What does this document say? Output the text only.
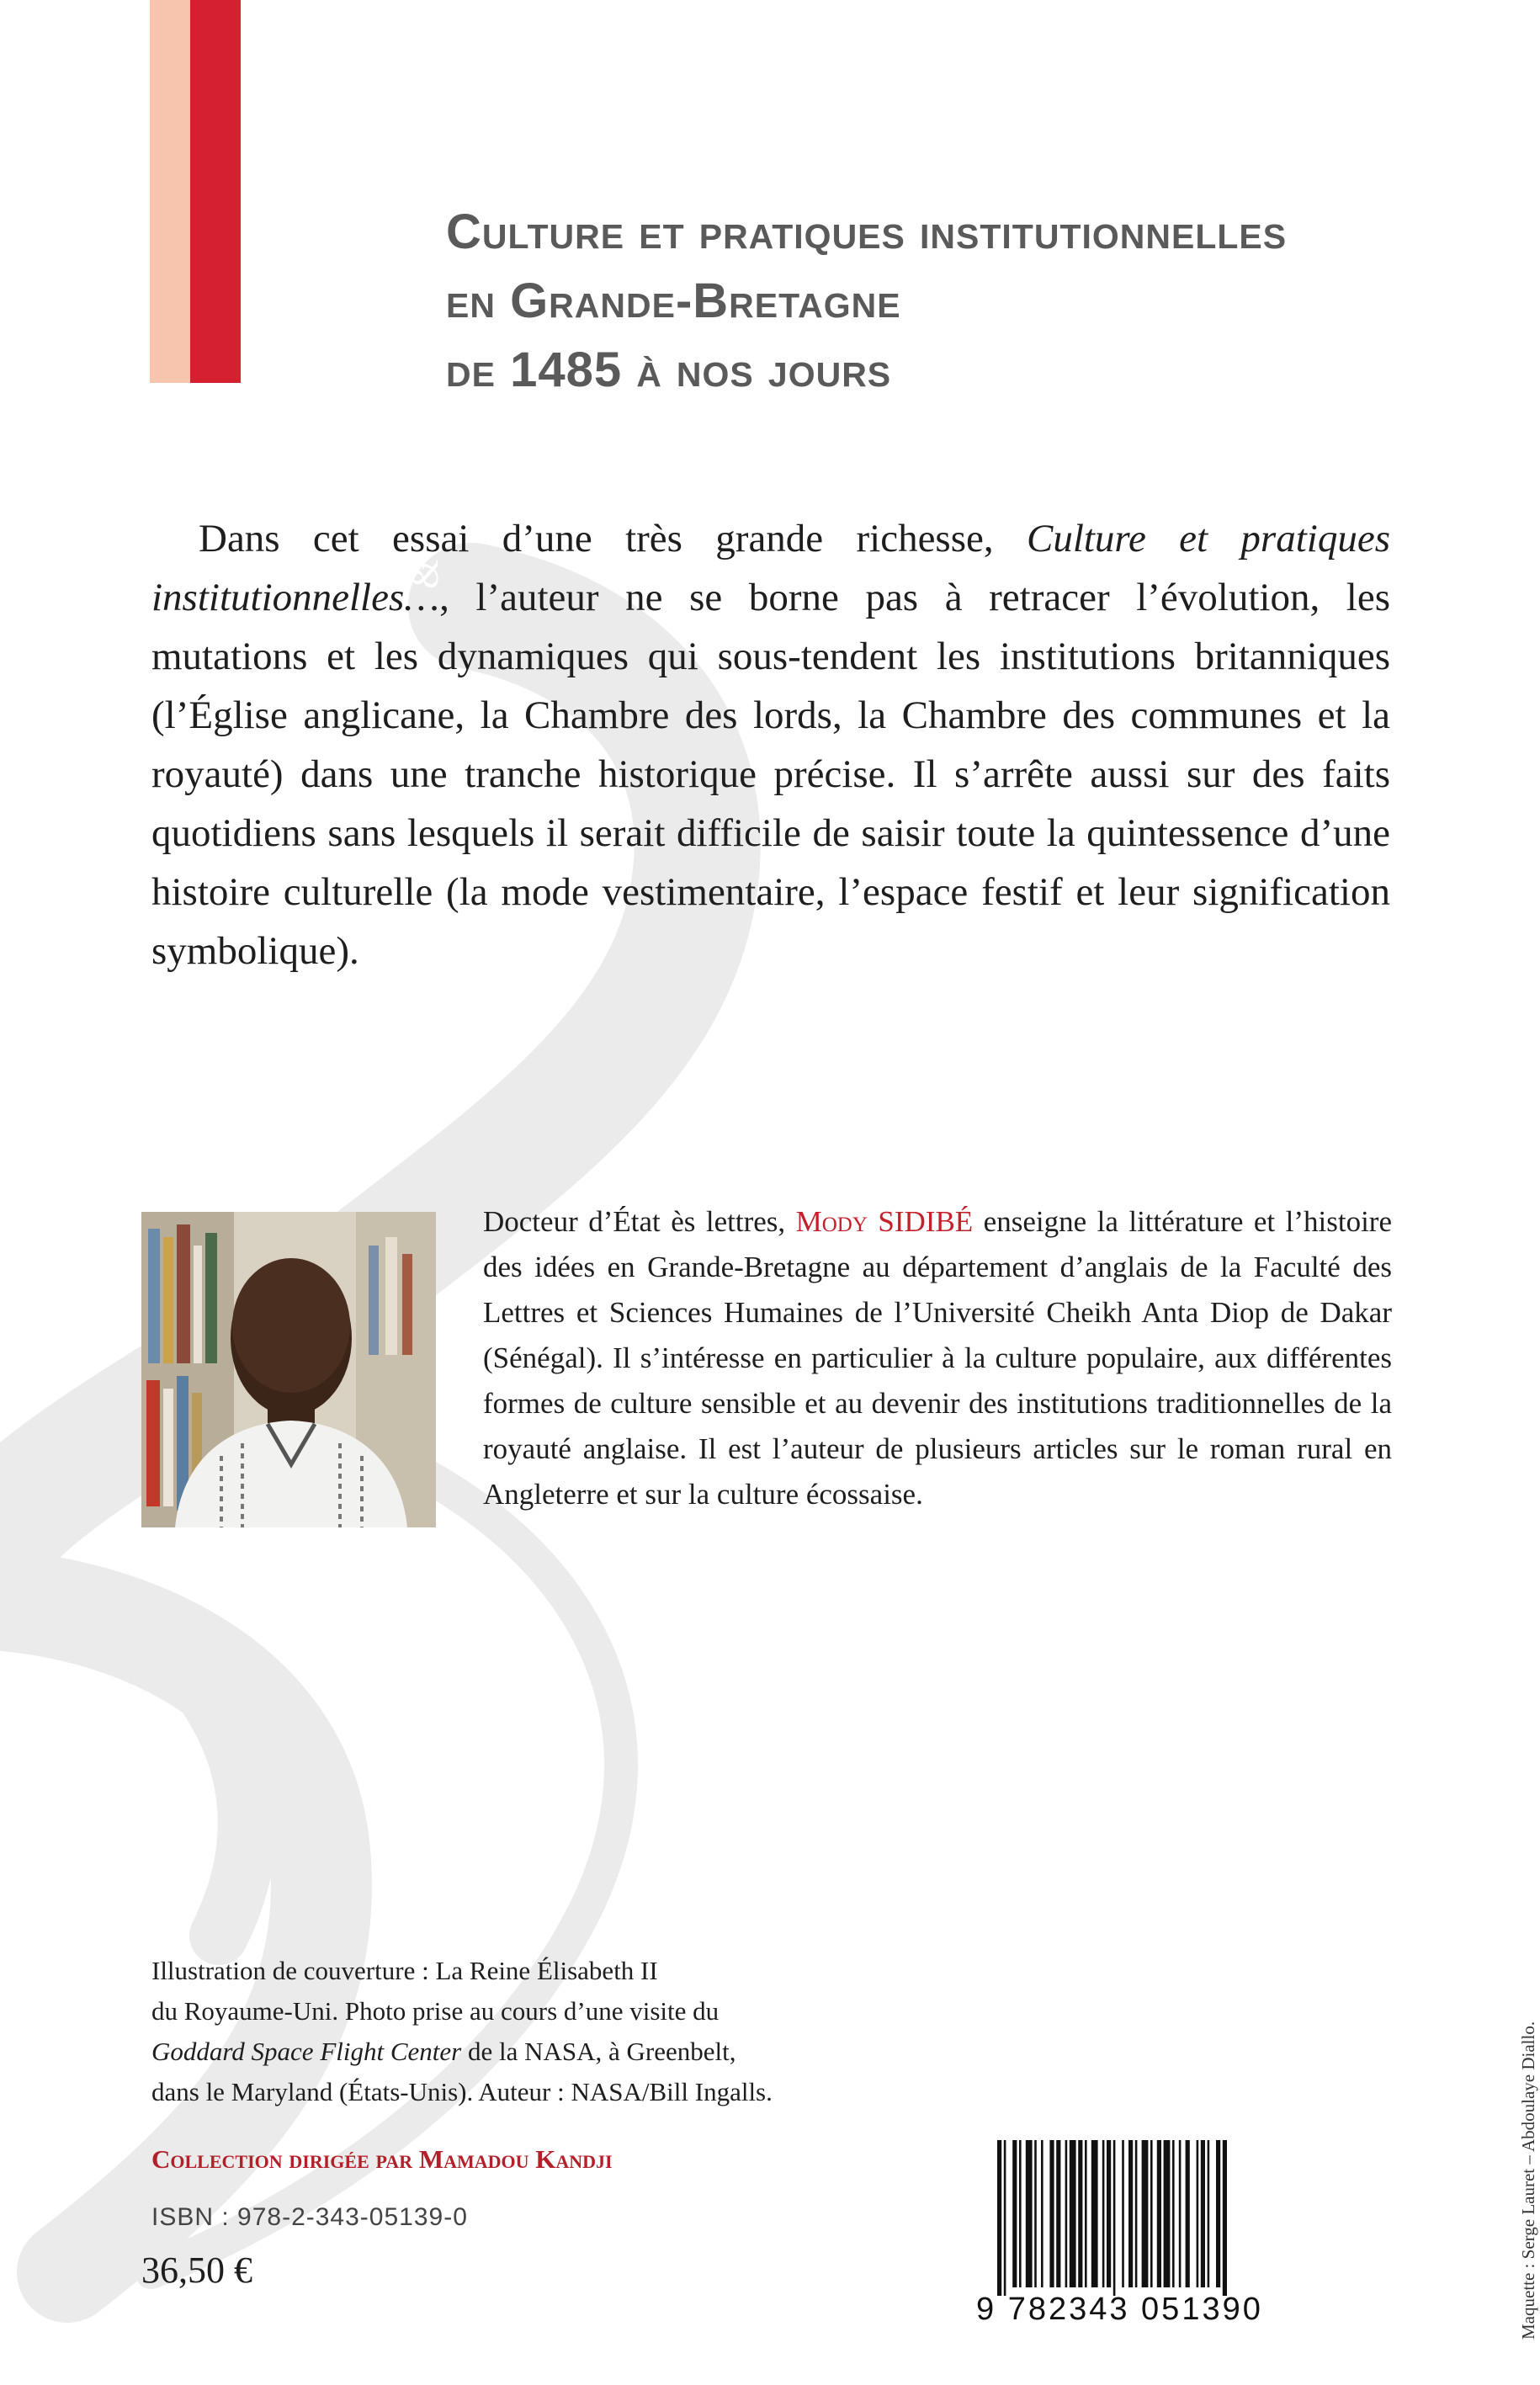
Littératures & Civilisations
Culture et pratiques institutionnelles
en Grande-Bretagne
de 1485 à nos jours

Dans cet essai d’une très grande richesse, Culture et pratiques institutionnelles…, l’auteur ne se borne pas à retracer l’évolution, les mutations et les dynamiques qui sous-tendent les institutions britanniques (l’Église anglicane, la Chambre des lords, la Chambre des communes et la royauté) dans une tranche historique précise. Il s’arrête aussi sur des faits quotidiens sans lesquels il serait difficile de saisir toute la quintessence d’une histoire culturelle (la mode vestimentaire, l’espace festif et leur signification symbolique).

Docteur d’État ès lettres, Mody SIDIBÉ enseigne la littérature et l’histoire des idées en Grande-Bretagne au département d’anglais de la Faculté des Lettres et Sciences Humaines de l’Université Cheikh Anta Diop de Dakar (Sénégal). Il s’intéresse en particulier à la culture populaire, aux différentes formes de culture sensible et au devenir des institutions traditionnelles de la royauté anglaise. Il est l’auteur de plusieurs articles sur le roman rural en Angleterre et sur la culture écossaise.

Illustration de couverture : La Reine Élisabeth II

du Royaume-Uni. Photo prise au cours d’une visite du

Goddard Space Flight Center de la NASA, à Greenbelt,

dans le Maryland (États-Unis). Auteur : NASA/Bill Ingalls.

Collection dirigée par Mamadou Kandji
ISBN : 978-2-343-05139-0
36,50 €
9 782343 051390	Maquette : Serge Lauret – Abdoulaye Diallo.
